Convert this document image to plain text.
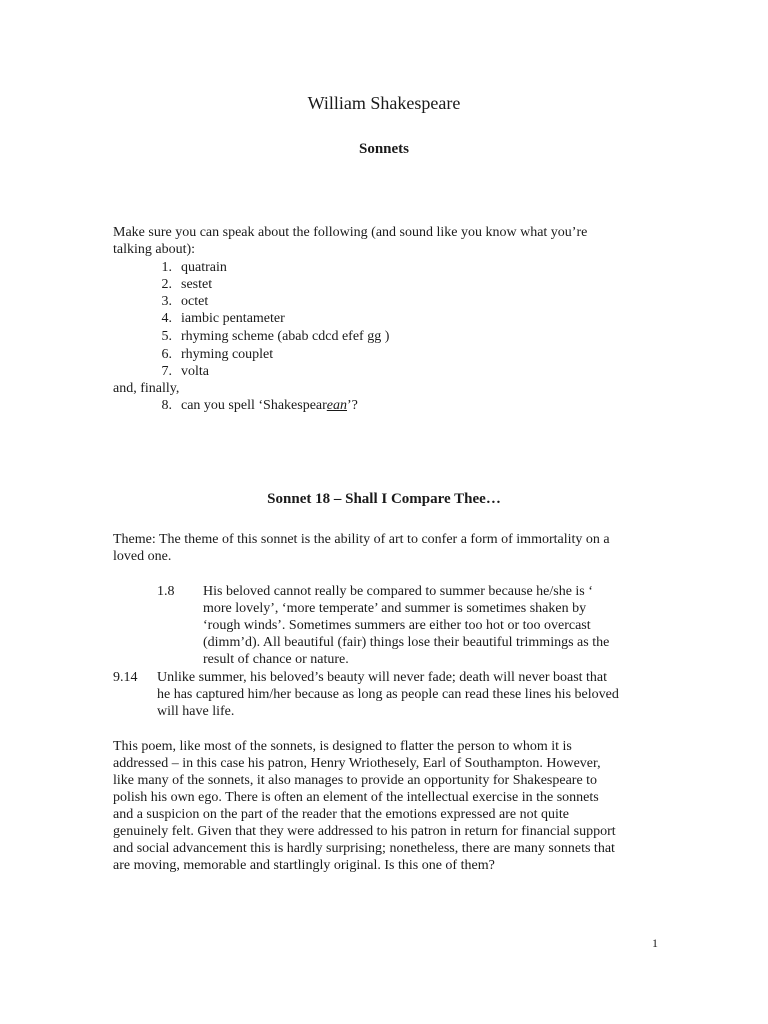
William Shakespeare
Sonnets
Make sure you can speak about the following (and sound like you know what you’re
talking about):
1. quatrain
2. sestet
3. octet
4. iambic pentameter
5. rhyming scheme (abab cdcd efef gg )
6. rhyming couplet
7. volta
and, finally,
8. can you spell ‘Shakespearean’?
Sonnet 18 – Shall I Compare Thee…
Theme: The theme of this sonnet is the ability of art to confer a form of immortality on a
loved one.
1.8 His beloved cannot really be compared to summer because he/she is ‘
more lovely’, ‘more temperate’ and summer is sometimes shaken by
‘rough winds’. Sometimes summers are either too hot or too overcast
(dimm’d). All beautiful (fair) things lose their beautiful trimmings as the
result of chance or nature.
9.14 Unlike summer, his beloved’s beauty will never fade; death will never boast that
he has captured him/her because as long as people can read these lines his beloved
will have life.
This poem, like most of the sonnets, is designed to flatter the person to whom it is
addressed – in this case his patron, Henry Wriothesely, Earl of Southampton. However,
like many of the sonnets, it also manages to provide an opportunity for Shakespeare to
polish his own ego. There is often an element of the intellectual exercise in the sonnets
and a suspicion on the part of the reader that the emotions expressed are not quite
genuinely felt. Given that they were addressed to his patron in return for financial support
and social advancement this is hardly surprising; nonetheless, there are many sonnets that
are moving, memorable and startlingly original. Is this one of them?
1
